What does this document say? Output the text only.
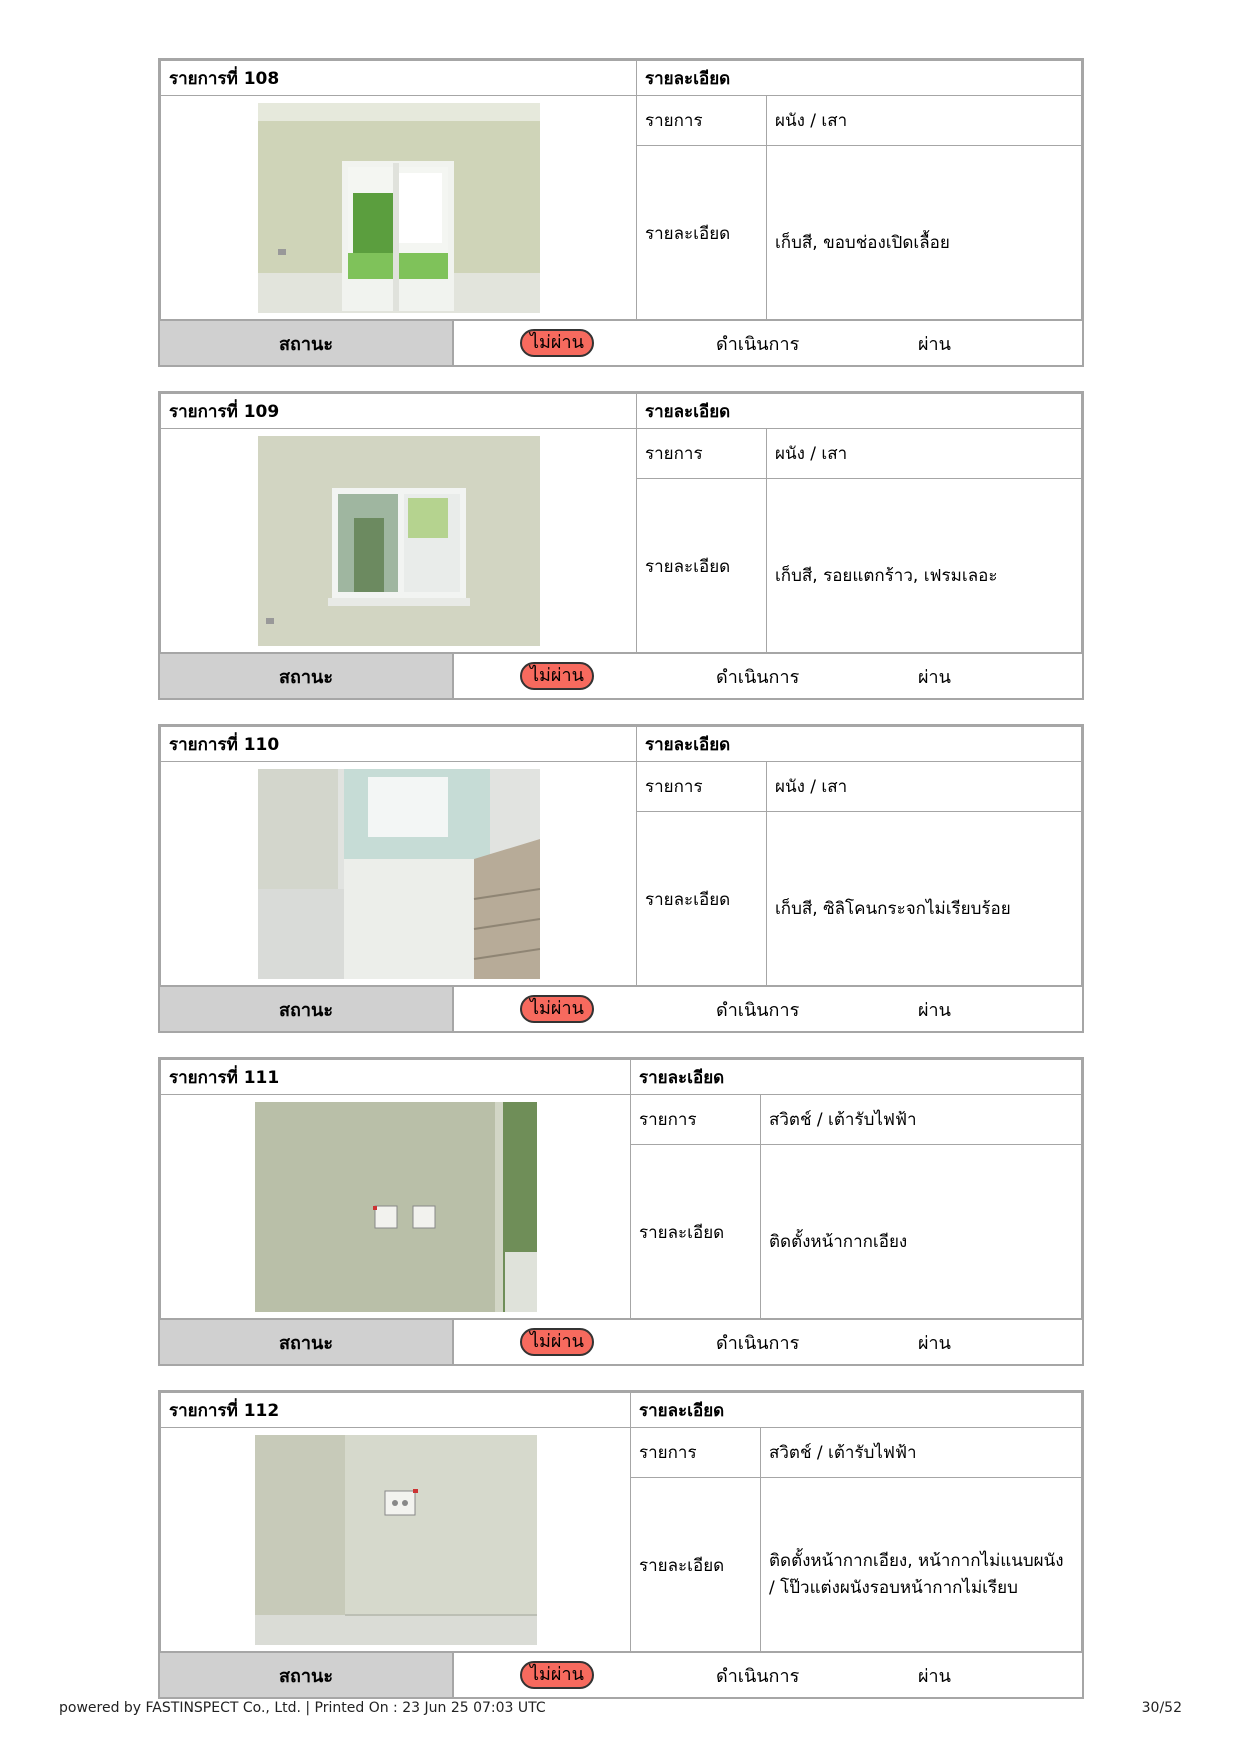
รายการที่ 108	รายละเอียด	
	รายการ	ผนัง / เสา
	รายละเอียด	เก็บสี, ขอบช่องเปิดเลื้อย

สถานะ	ไม่ผ่าน	ดำเนินการ	ผ่าน
รายการที่ 109	รายละเอียด	
	รายการ	ผนัง / เสา
	รายละเอียด	เก็บสี, รอยแตกร้าว, เฟรมเลอะ

สถานะ	ไม่ผ่าน	ดำเนินการ	ผ่าน
รายการที่ 110	รายละเอียด	
	รายการ	ผนัง / เสา
	รายละเอียด	เก็บสี, ซิลิโคนกระจกไม่เรียบร้อย

สถานะ	ไม่ผ่าน	ดำเนินการ	ผ่าน
รายการที่ 111	รายละเอียด	
	รายการ	สวิตช์ / เต้ารับไฟฟ้า
	รายละเอียด	ติดตั้งหน้ากากเอียง

สถานะ	ไม่ผ่าน	ดำเนินการ	ผ่าน
รายการที่ 112	รายละเอียด	
	รายการ	สวิตช์ / เต้ารับไฟฟ้า
	รายละเอียด	ติดตั้งหน้ากากเอียง, หน้ากากไม่แนบผนัง / โป๊วแต่งผนังรอบหน้ากากไม่เรียบ

สถานะ	ไม่ผ่าน	ดำเนินการ	ผ่าน
powered by FASTINSPECT Co., Ltd. | Printed On : 23 Jun 25 07:03 UTC	30/52
